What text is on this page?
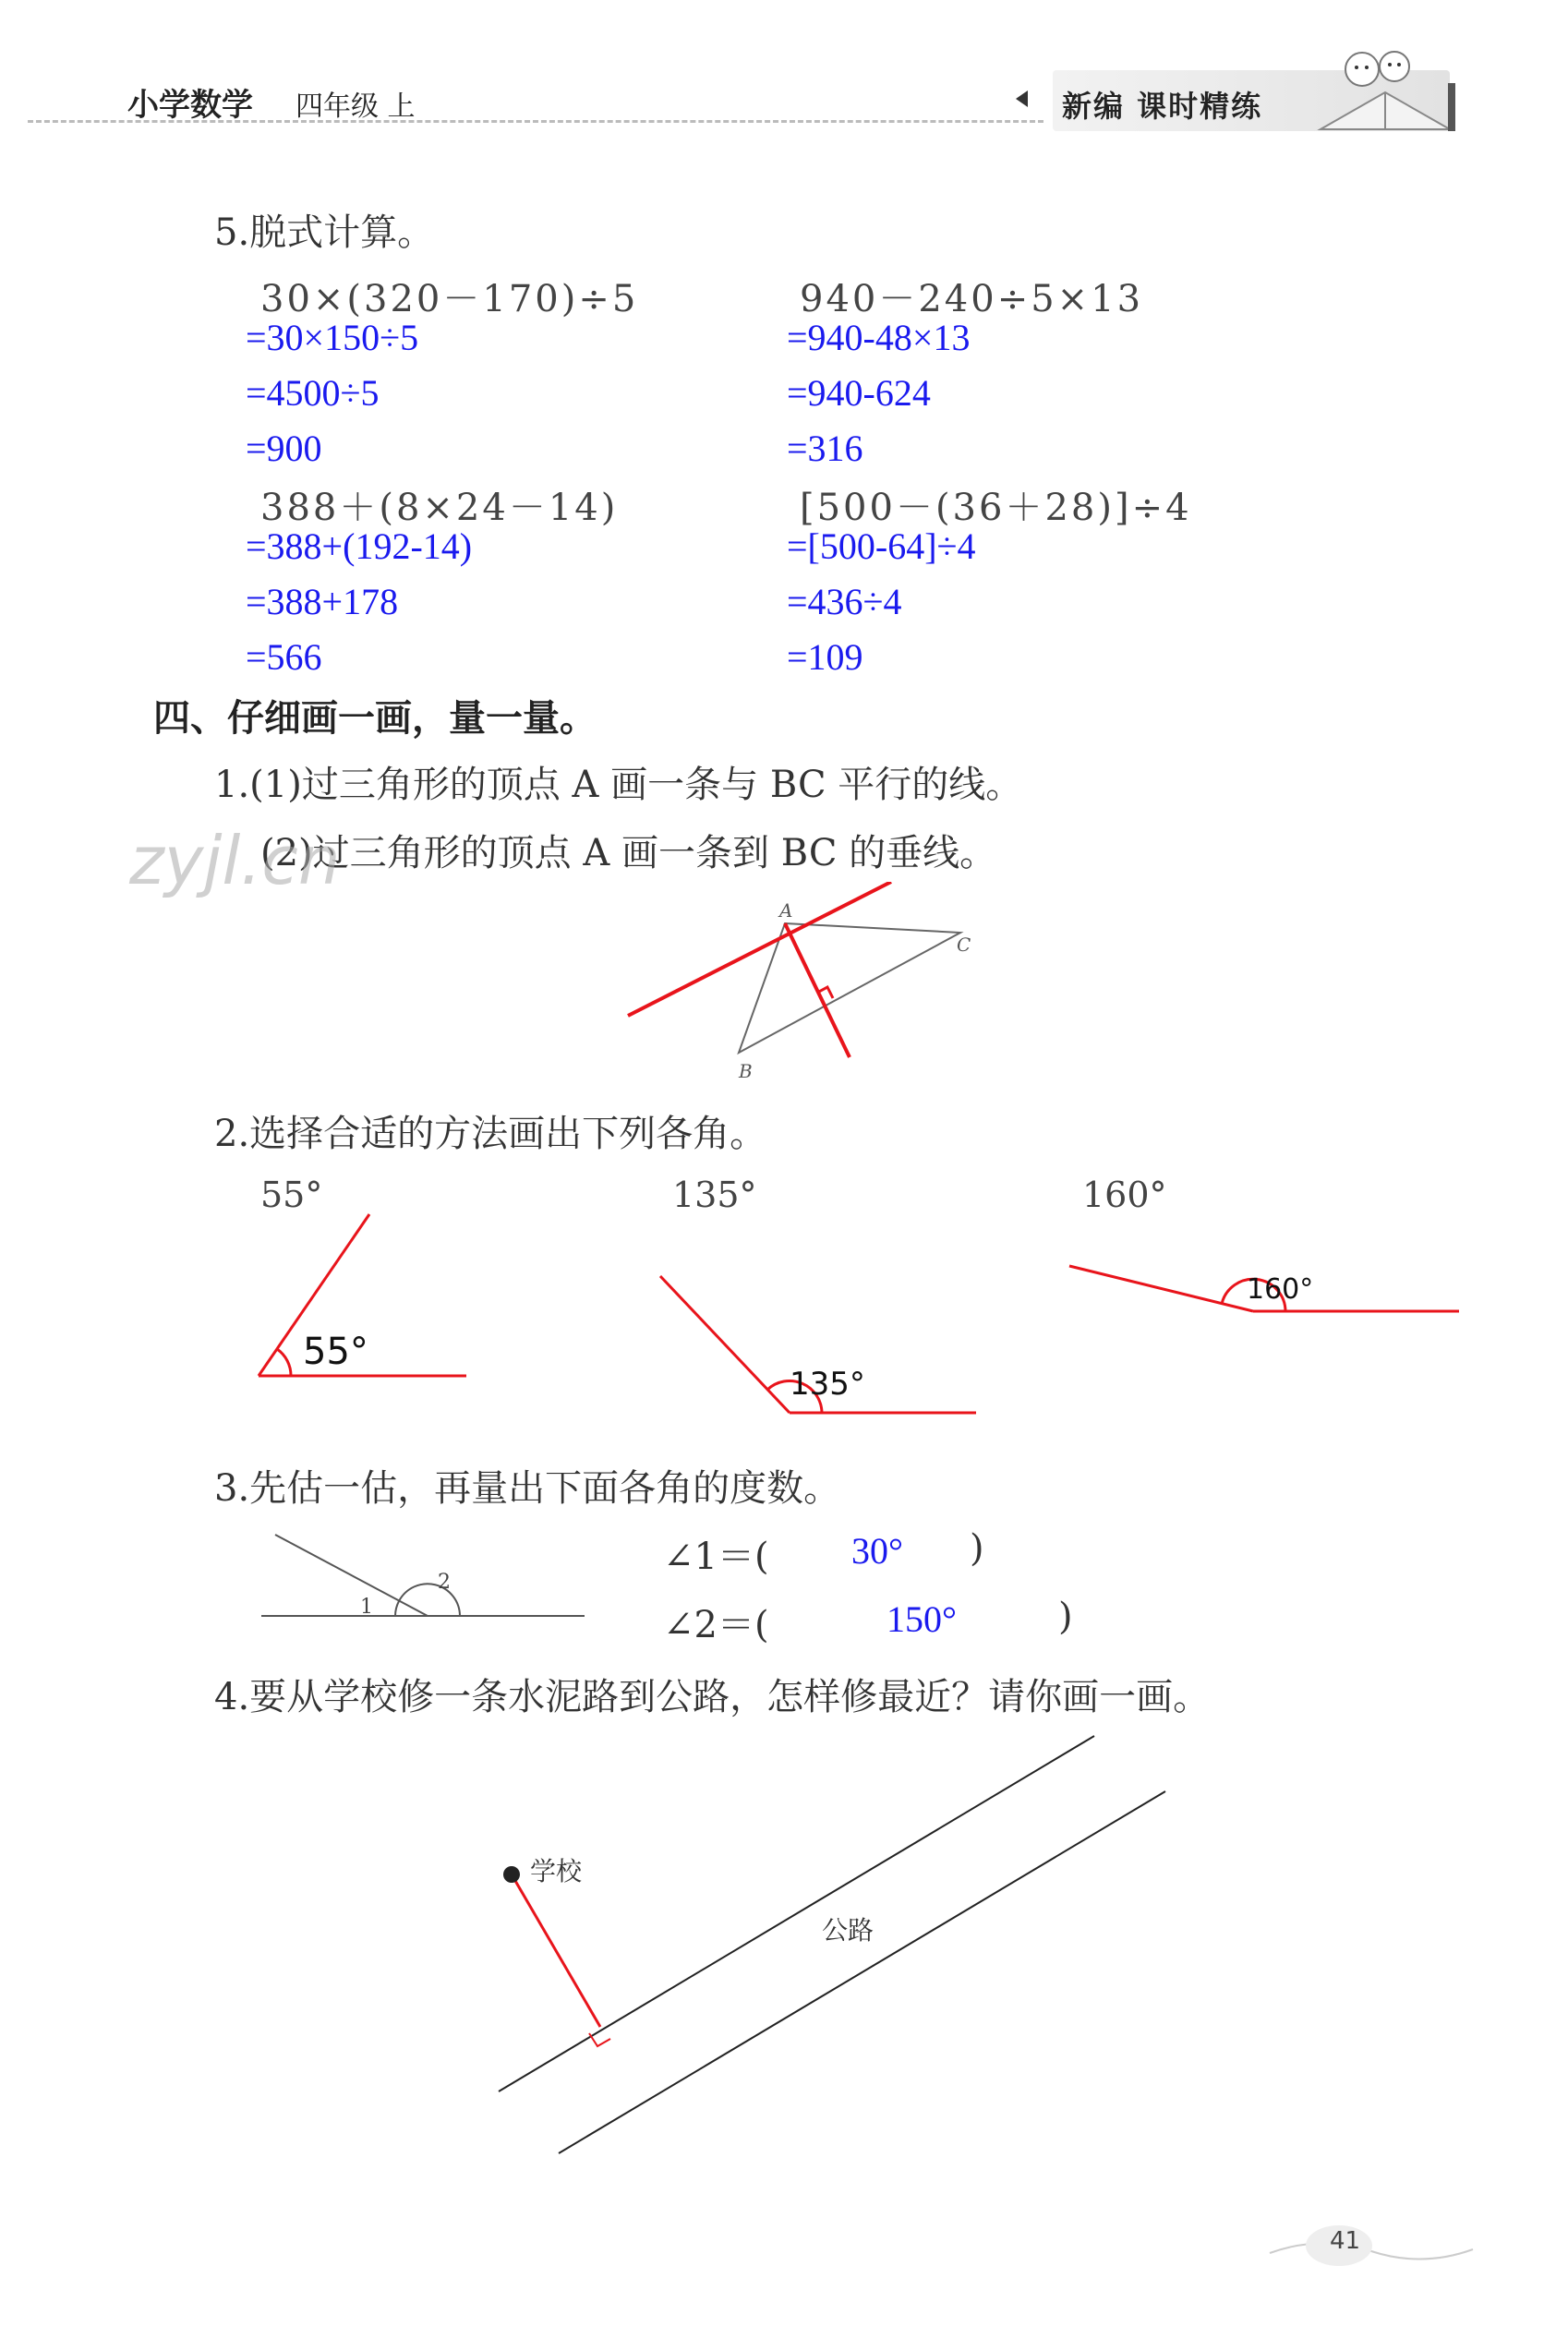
小学数学 四年级 上	新编 课时精练
5.脱式计算。
30×(320－170)÷5
=30×150÷5
=4500÷5
=900
940－240÷5×13
=940-48×13
=940-624
=316
388＋(8×24－14)
=388+(192-14)
=388+178
=566
[500－(36＋28)]÷4
=[500-64]÷4
=436÷4
=109
四、仔细画一画，量一量。
1.(1)过三角形的顶点 A 画一条与 BC 平行的线。
(2)过三角形的顶点 A 画一条到 BC 的垂线。
zyjl.cn
A
B
C
2.选择合适的方法画出下列各角。
55°	135°	160°
55°
135°
160°
3.先估一估，再量出下面各角的度数。
1
2
∠1＝( 30° )
∠2＝(	150°	)
4.要从学校修一条水泥路到公路，怎样修最近？请你画一画。
学校
公路
41
